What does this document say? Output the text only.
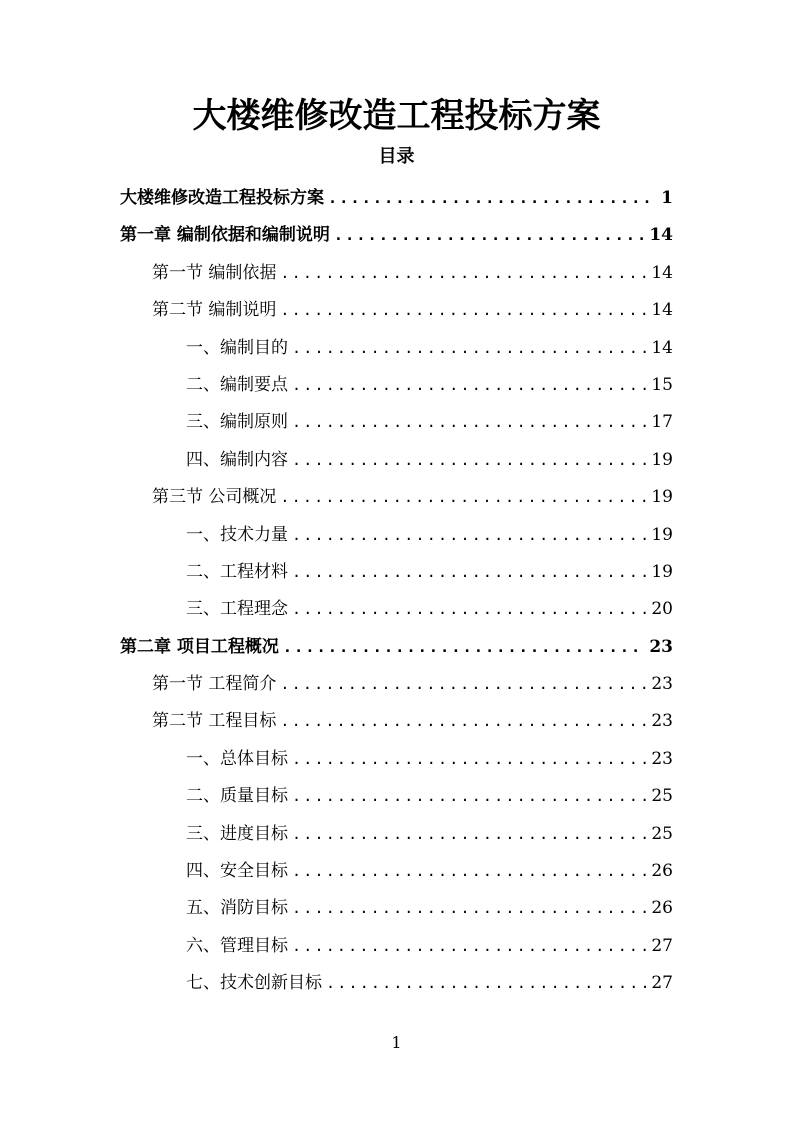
大楼维修改造工程投标方案
目录
大楼维修改造工程投标方案 .....	1
第一章 编制依据和编制说明 .....	14
第一节 编制依据 .....	14
第二节 编制说明 .....	14
一、编制目的 .....	14
二、编制要点 .....	15
三、编制原则 .....	17
四、编制内容 .....	19
第三节 公司概况 .....	19
一、技术力量 .....	19
二、工程材料 .....	19
三、工程理念 .....	20
第二章 项目工程概况 .....	23
第一节 工程简介 .....	23
第二节 工程目标 .....	23
一、总体目标 .....	23
二、质量目标 .....	25
三、进度目标 .....	25
四、安全目标 .....	26
五、消防目标 .....	26
六、管理目标 .....	27
七、技术创新目标 .....	27
1
